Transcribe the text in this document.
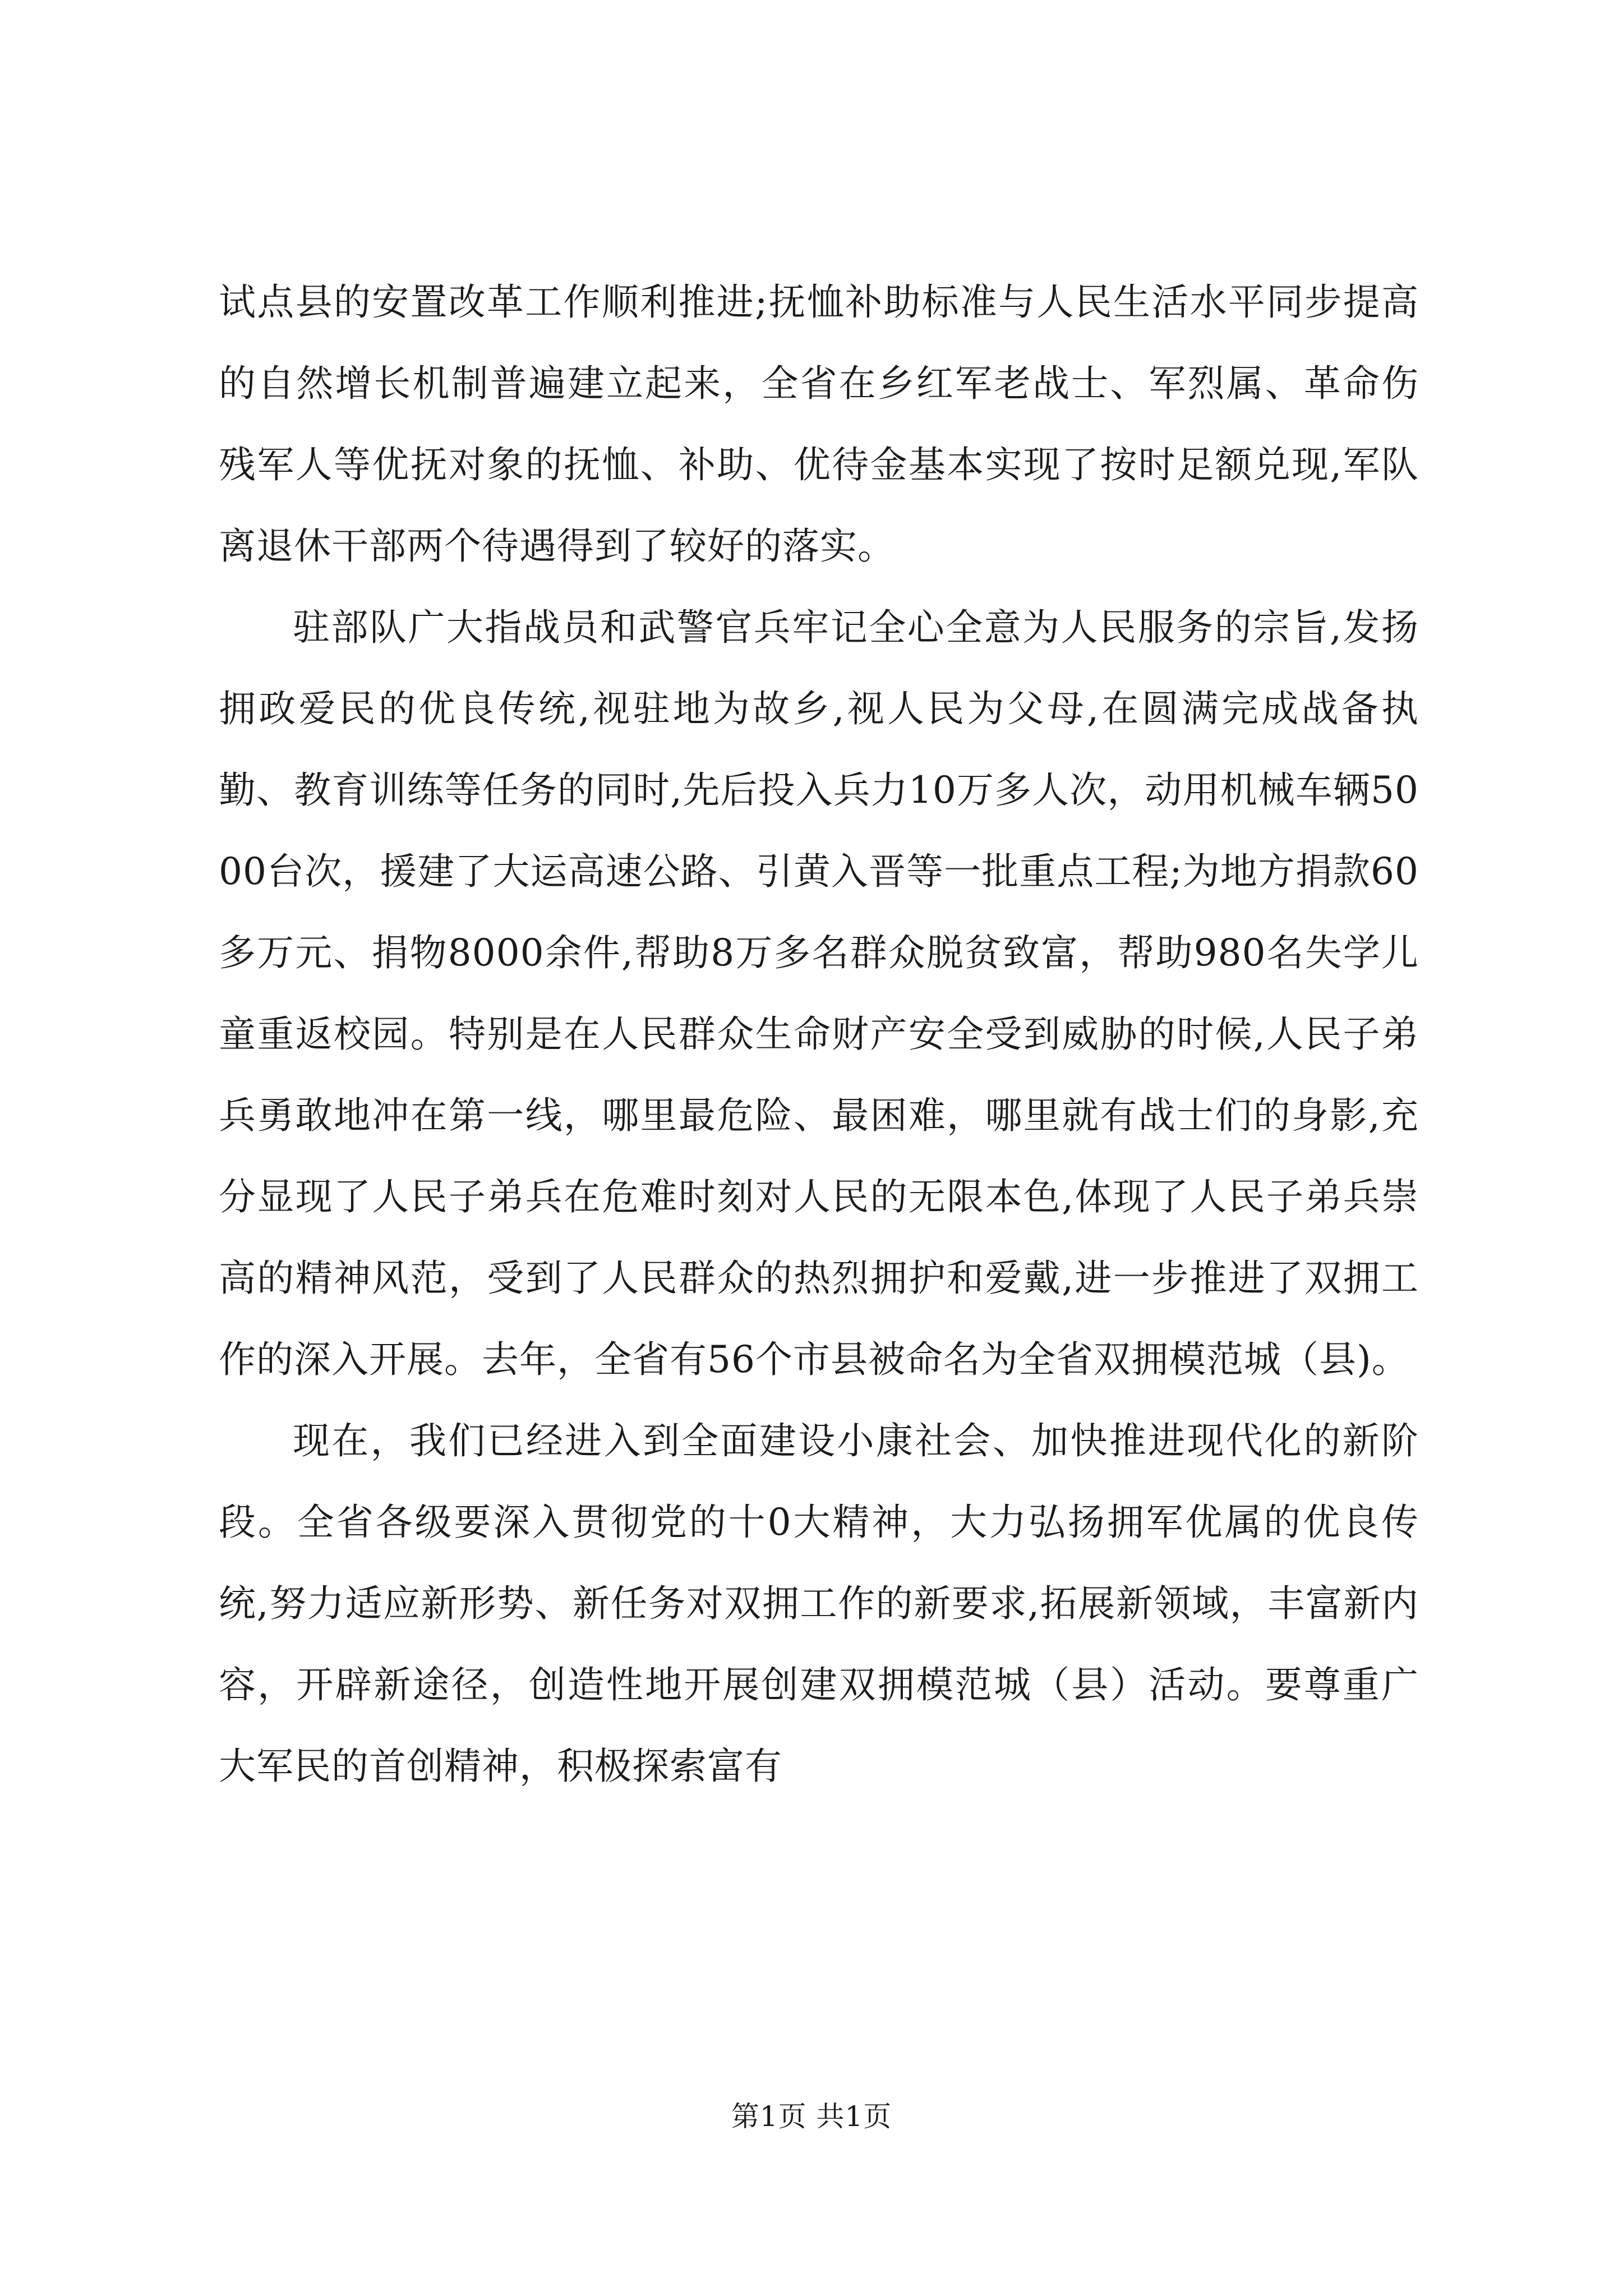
试点县的安置改革工作顺利推进;抚恤补助标准与人民生活水平同步提高的自然增长机制普遍建立起来，全省在乡红军老战士、军烈属、革命伤残军人等优抚对象的抚恤、补助、优待金基本实现了按时足额兑现,军队离退休干部两个待遇得到了较好的落实。

驻部队广大指战员和武警官兵牢记全心全意为人民服务的宗旨,发扬拥政爱民的优良传统,视驻地为故乡,视人民为父母,在圆满完成战备执勤、教育训练等任务的同时,先后投入兵力10万多人次，动用机械车辆5000台次，援建了大运高速公路、引黄入晋等一批重点工程;为地方捐款60多万元、捐物8000余件,帮助8万多名群众脱贫致富，帮助980名失学儿童重返校园。特别是在人民群众生命财产安全受到威胁的时候,人民子弟兵勇敢地冲在第一线，哪里最危险、最困难，哪里就有战士们的身影,充分显现了人民子弟兵在危难时刻对人民的无限本色,体现了人民子弟兵崇高的精神风范，受到了人民群众的热烈拥护和爱戴,进一步推进了双拥工作的深入开展。去年，全省有56个市县被命名为全省双拥模范城（县)。

现在，我们已经进入到全面建设小康社会、加快推进现代化的新阶段。全省各级要深入贯彻党的十0大精神，大力弘扬拥军优属的优良传统,努力适应新形势、新任务对双拥工作的新要求,拓展新领域，丰富新内容，开辟新途径，创造性地开展创建双拥模范城（县）活动。要尊重广大军民的首创精神，积极探索富有

第1页 共1页
